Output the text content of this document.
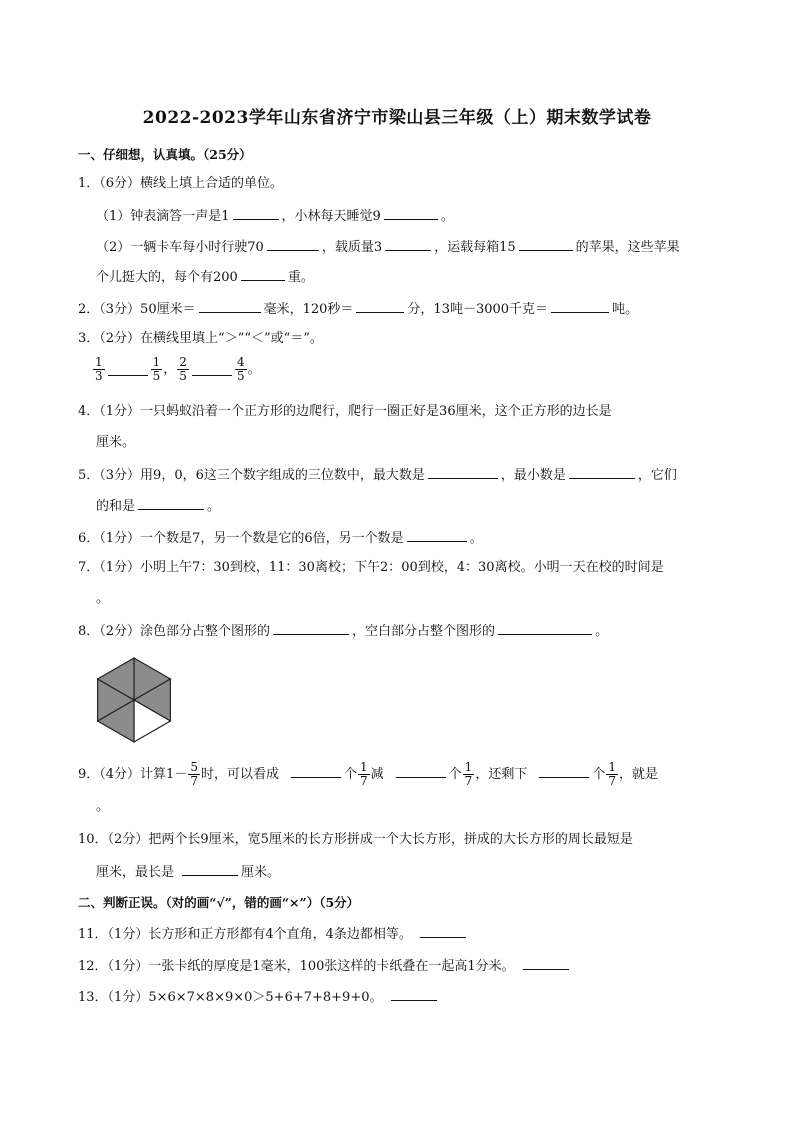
2022-2023学年山东省济宁市梁山县三年级（上）期末数学试卷
一、仔细想，认真填。（25分）
1．（6分）横线上填上合适的单位。
（1）钟表滴答一声是1	，小林每天睡觉9	。
（2）一辆卡车每小时行驶70	，载质量3	，运载每箱15	的苹果，这些苹果
个儿挺大的，每个有200	重。
2．（3分）50厘米＝	毫米，120秒＝	分，13吨－3000千克＝	吨。
3．（2分）在横线里填上“＞”“＜”或“＝”。
$\frac{1}{3}$	$\frac{1}{5}$ ， $\frac{2}{5}$	$\frac{4}{5}$ 。
4．（1分）一只蚂蚁沿着一个正方形的边爬行，爬行一圈正好是36厘米，这个正方形的边长是
厘米。
5．（3分）用9，0，6这三个数字组成的三位数中，最大数是	，最小数是	，它们
的和是	。
6．（1分）一个数是7，另一个数是它的6倍，另一个数是	。
7．（1分）小明上午7：30到校，11：30离校；下午2：00到校，4：30离校。小明一天在校的时间是
。
8．（2分）涂色部分占整个图形的	，空白部分占整个图形的	。
9．（4分）计算$1- \frac{5}{7}$ 时，可以看成	个 $\frac{1}{7}$ 减	个 $\frac{1}{7}$ ，还剩下	个 $\frac{1}{7}$ ，就是
。
10．（2分）把两个长9厘米，宽5厘米的长方形拼成一个大长方形，拼成的大长方形的周长最短是
厘米，最长是	厘米。
二、判断正误。（对的画“√”，错的画“×”）（5分）
11．（1分）长方形和正方形都有4个直角，4条边都相等。
12．（1分）一张卡纸的厚度是1毫米，100张这样的卡纸叠在一起高1分米。
13．（1分）5×6×7×8×9×0＞5+6+7+8+9+0。
